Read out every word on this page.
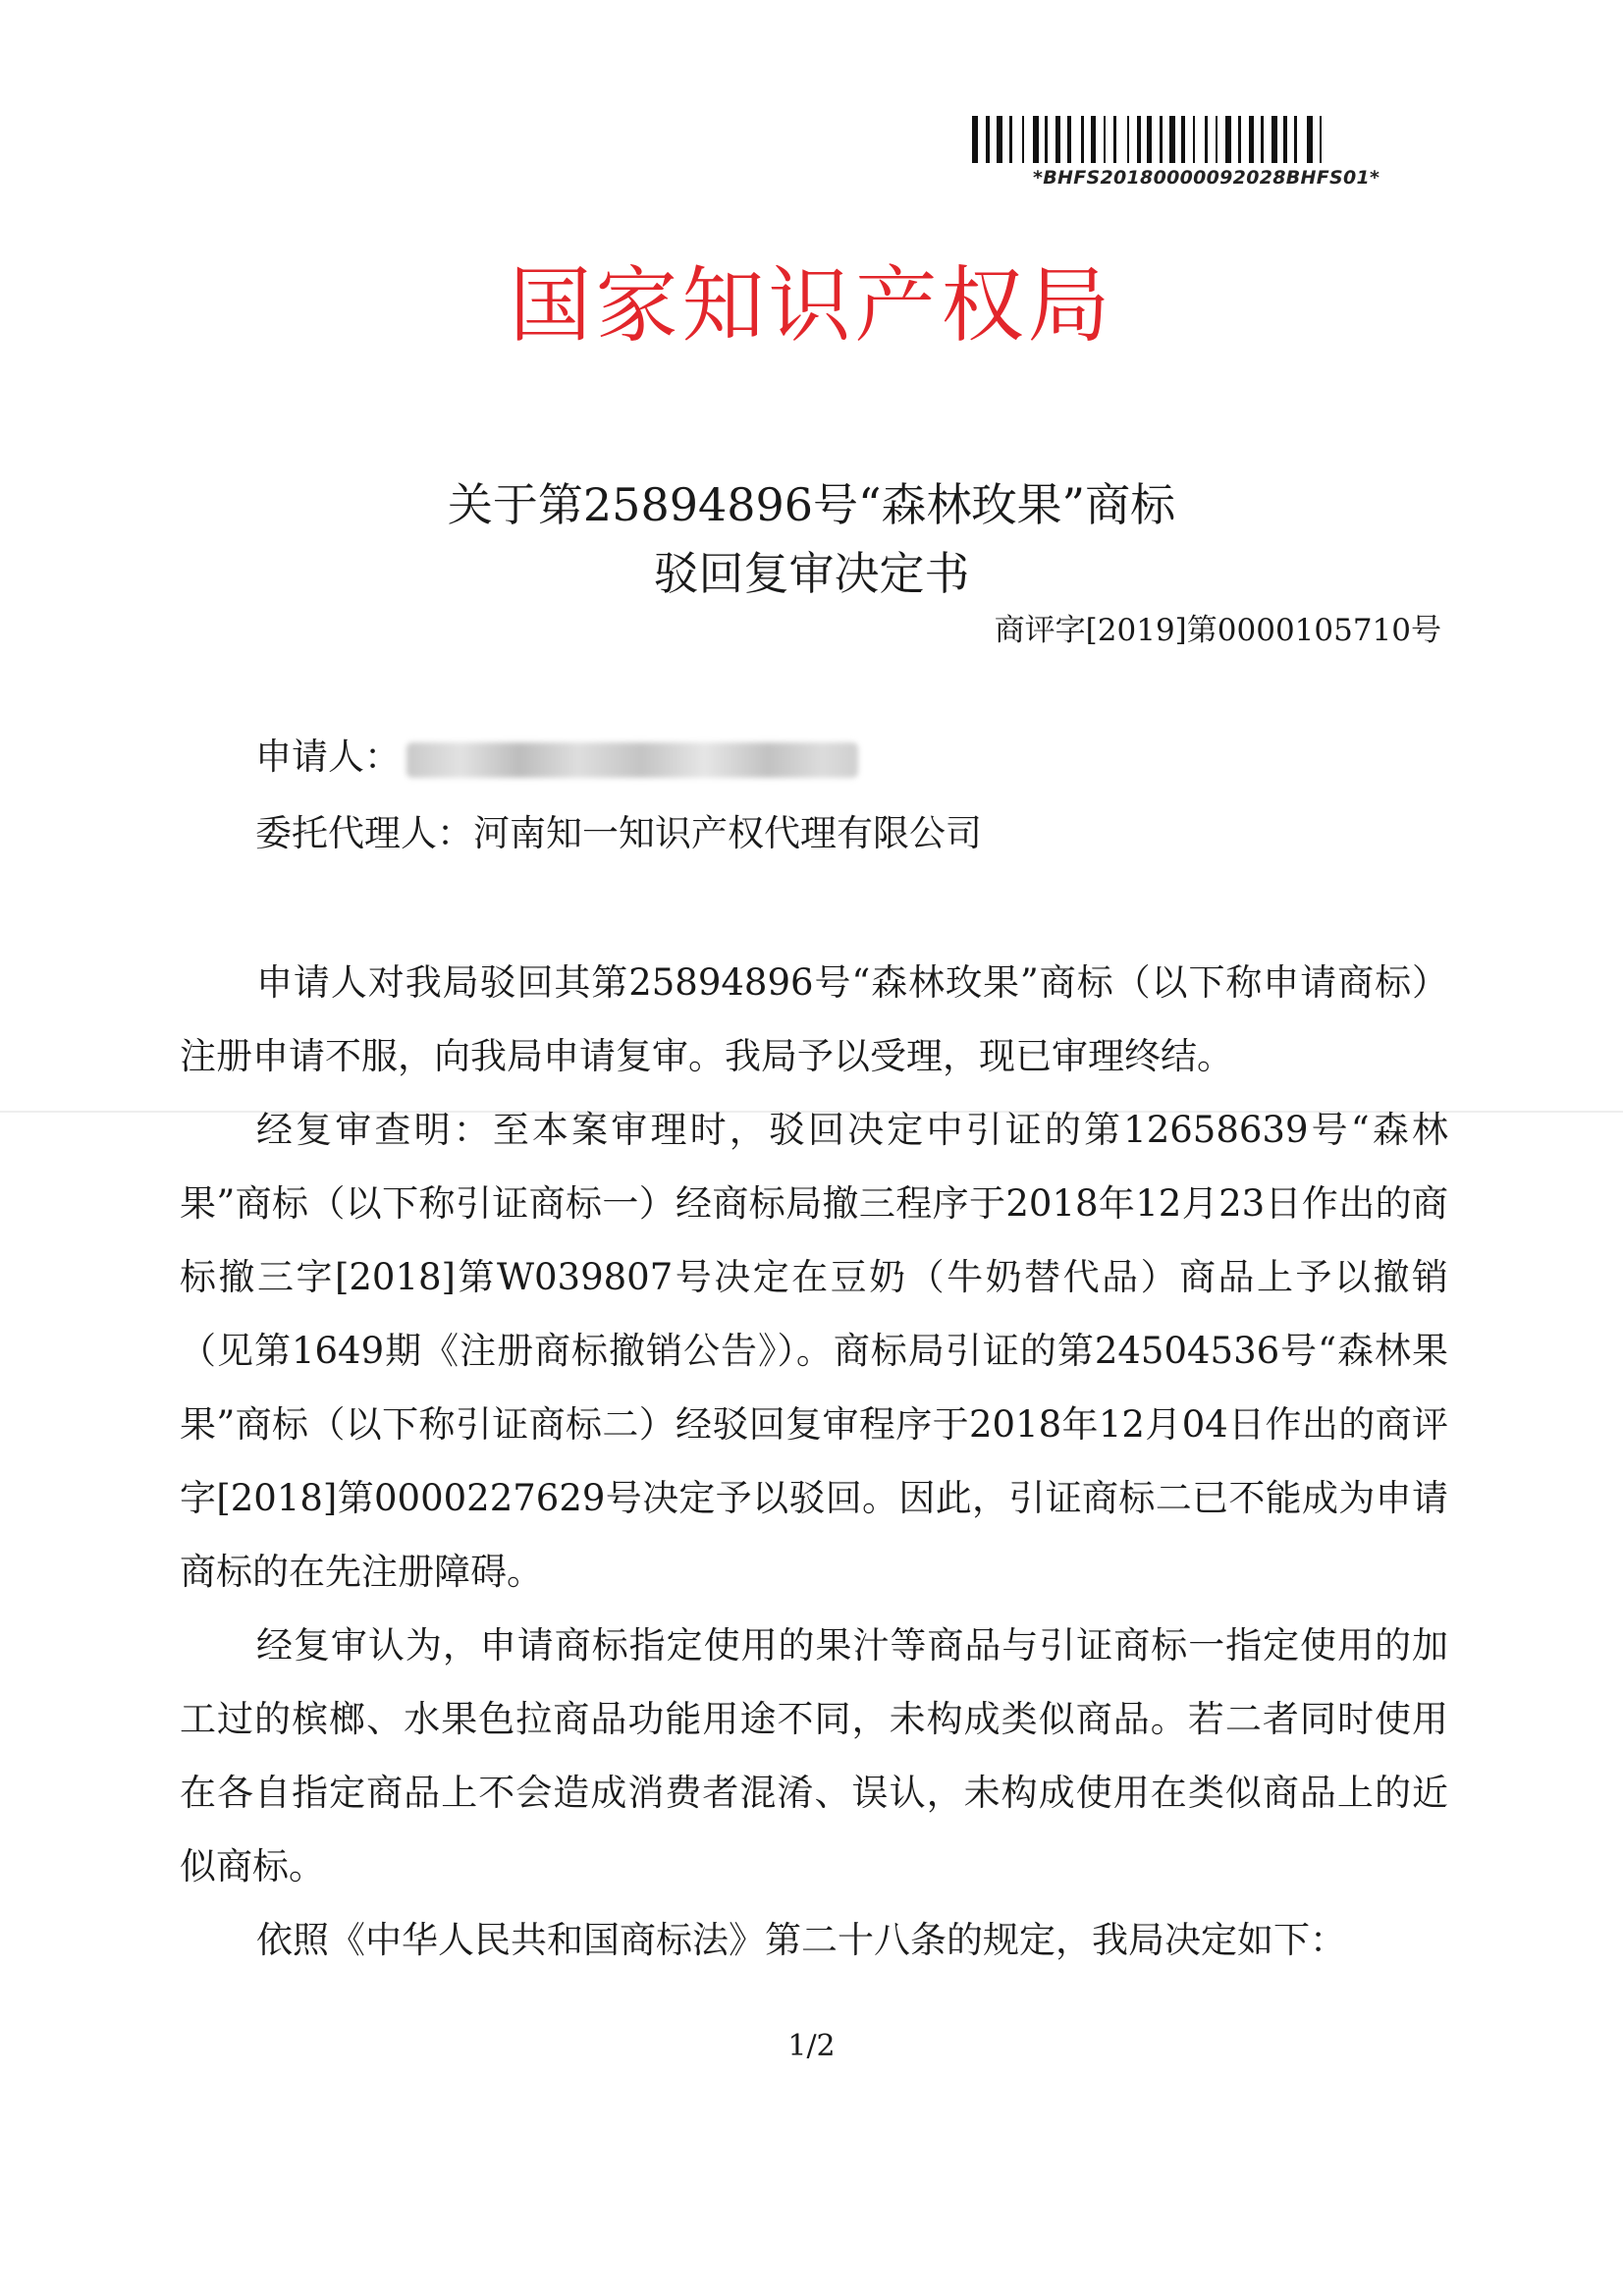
*BHFS20180000092028BHFS01*
国家知识产权局
关于第25894896号“森林玫果”商标
驳回复审决定书
商评字[2019]第0000105710号
申请人：
委托代理人：河南知一知识产权代理有限公司

申请人对我局驳回其第25894896号“森林玫果”商标（以下称申请商标）注册申请不服，向我局申请复审。我局予以受理，现已审理终结。

经复审查明：至本案审理时，驳回决定中引证的第12658639号“森林果”商标（以下称引证商标一）经商标局撤三程序于2018年12月23日作出的商标撤三字[2018]第W039807号决定在豆奶（牛奶替代品）商品上予以撤销（见第1649期《注册商标撤销公告》）。商标局引证的第24504536号“森林果果”商标（以下称引证商标二）经驳回复审程序于2018年12月04日作出的商评字[2018]第0000227629号决定予以驳回。因此，引证商标二已不能成为申请商标的在先注册障碍。

经复审认为，申请商标指定使用的果汁等商品与引证商标一指定使用的加工过的槟榔、水果色拉商品功能用途不同，未构成类似商品。若二者同时使用在各自指定商品上不会造成消费者混淆、误认，未构成使用在类似商品上的近似商标。

依照《中华人民共和国商标法》第二十八条的规定，我局决定如下：

1/2
